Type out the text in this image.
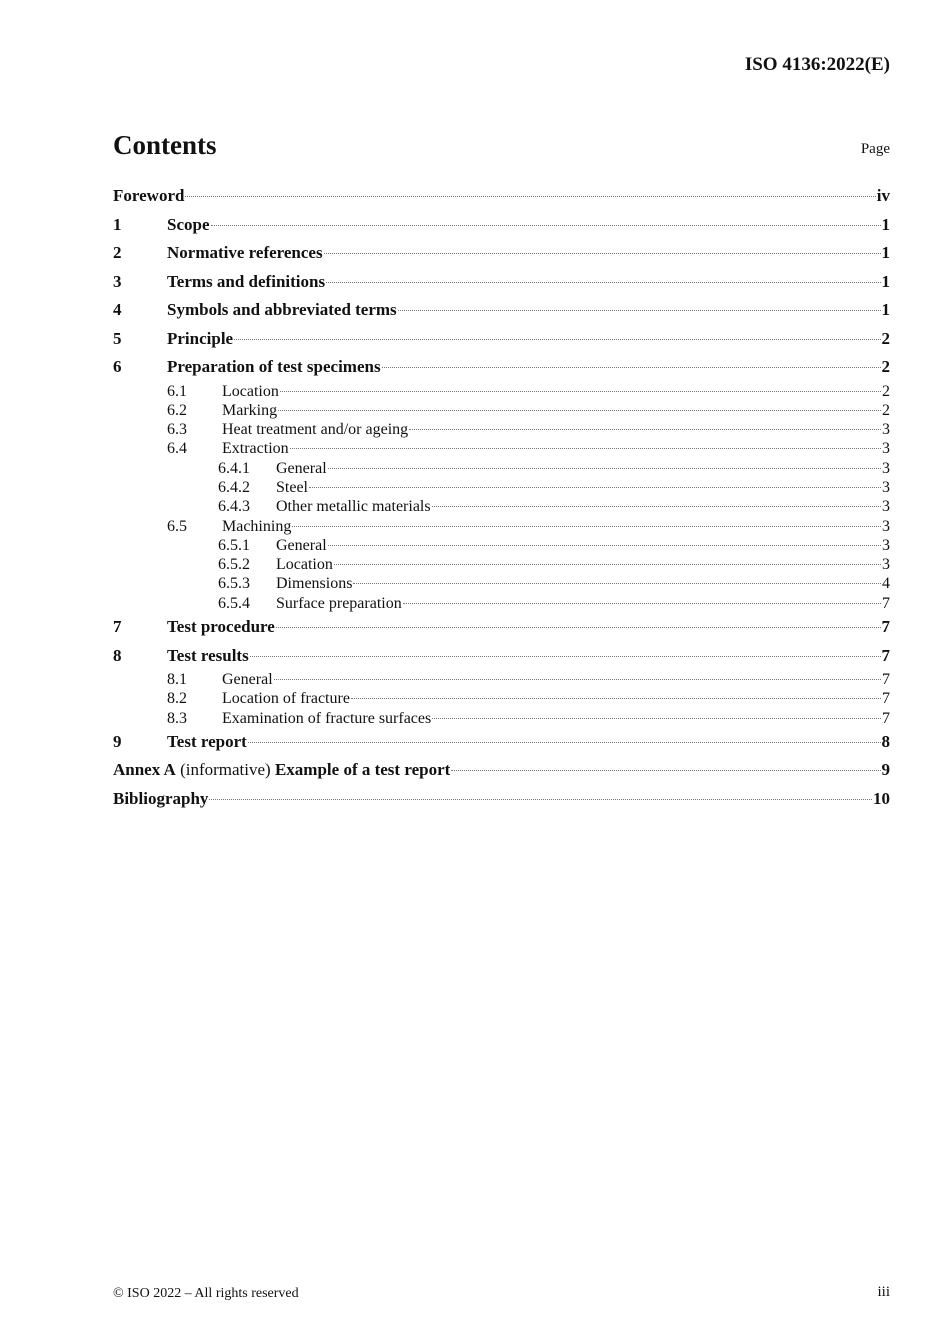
ISO 4136:2022(E)
Contents	Page
Foreword	iv
1	Scope	1
2	Normative references	1
3	Terms and definitions	1
4	Symbols and abbreviated terms	1
5	Principle	2
6	Preparation of test specimens	2
6.1	Location	2
6.2	Marking	2
6.3	Heat treatment and/or ageing	3
6.4	Extraction	3
6.4.1	General	3
6.4.2	Steel	3
6.4.3	Other metallic materials	3
6.5	Machining	3
6.5.1	General	3
6.5.2	Location	3
6.5.3	Dimensions	4
6.5.4	Surface preparation	7
7	Test procedure	7
8	Test results	7
8.1	General	7
8.2	Location of fracture	7
8.3	Examination of fracture surfaces	7
9	Test report	8
Annex A (informative) Example of a test report	9
Bibliography	10
© ISO 2022 – All rights reserved	iii
